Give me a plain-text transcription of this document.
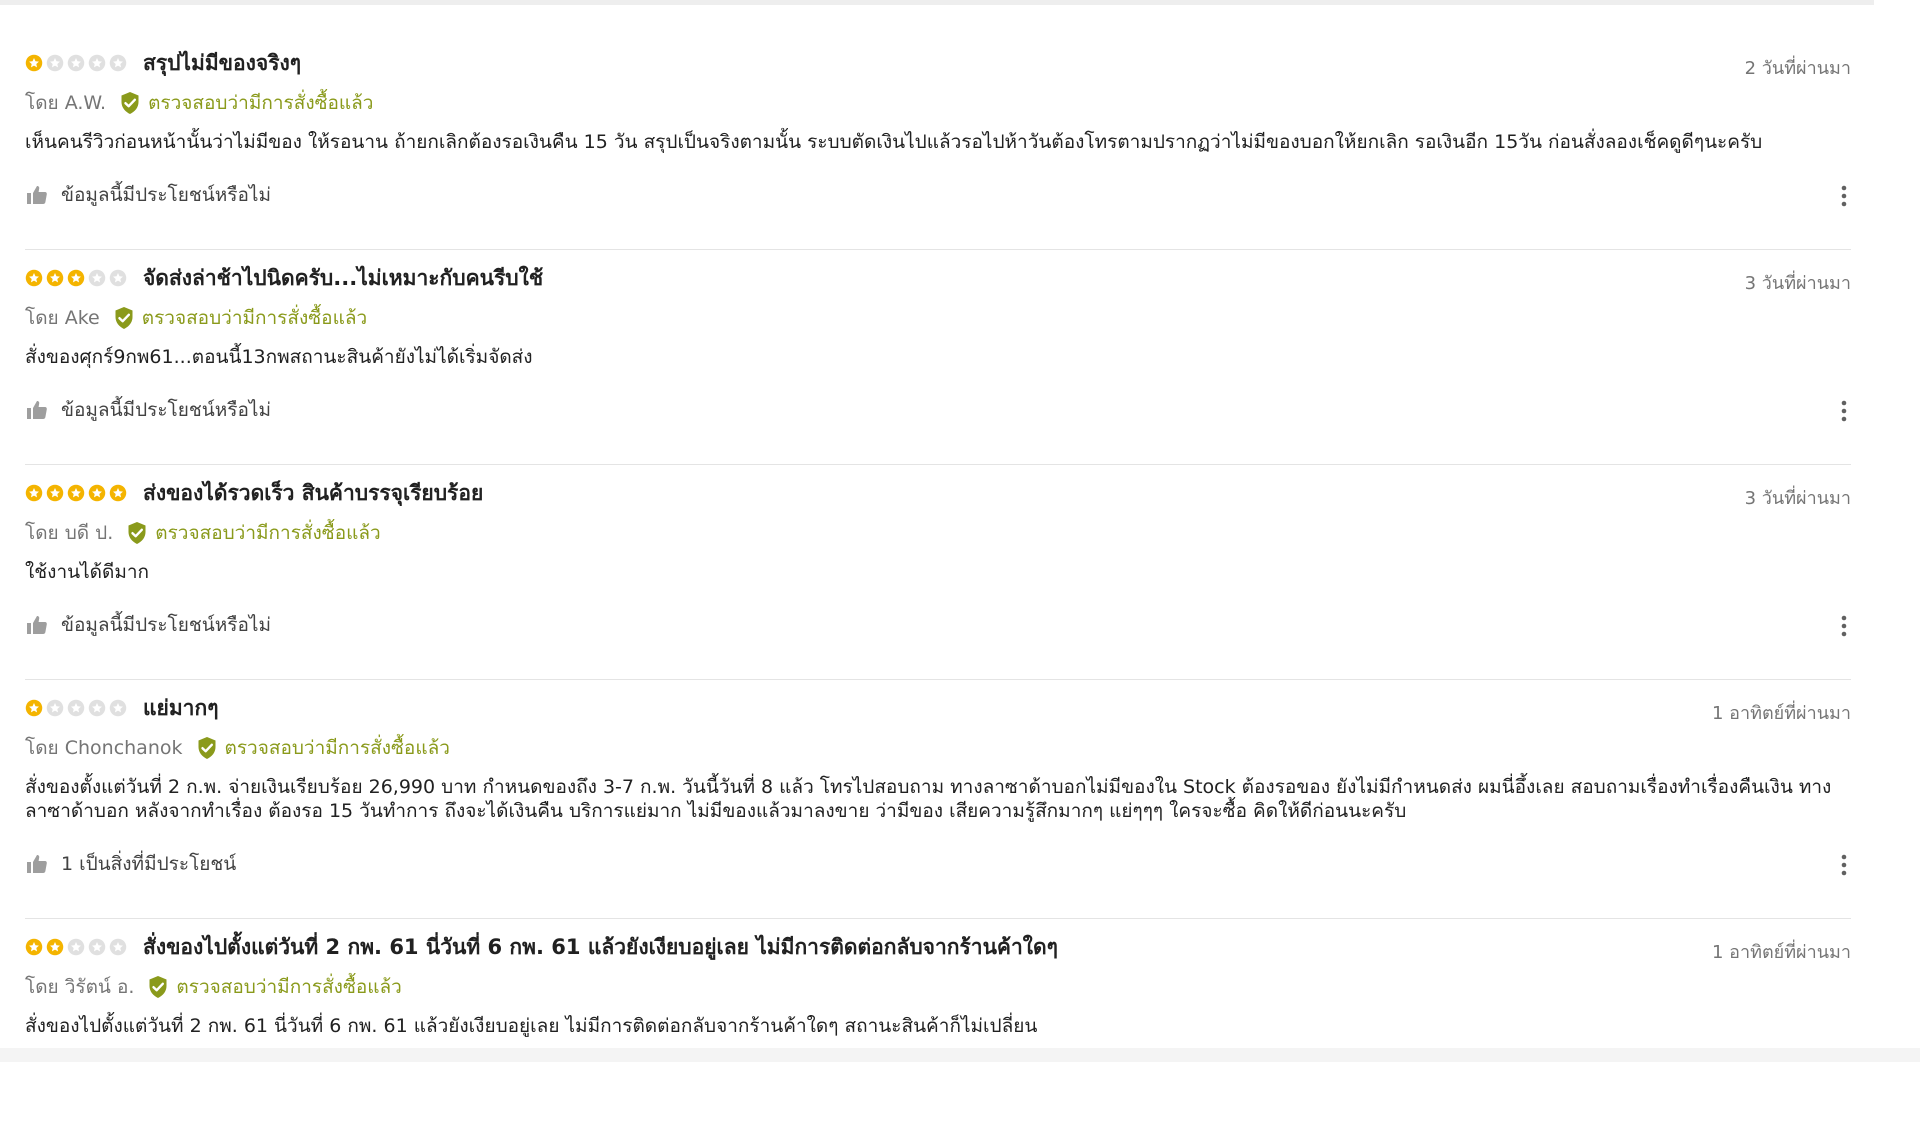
สรุปไม่มีของจริงๆ	2 วันที่ผ่านมา
โดย A.W. ตรวจสอบว่ามีการสั่งซื้อแล้ว
เห็นคนรีวิวก่อนหน้านั้นว่าไม่มีของ ให้รอนาน ถ้ายกเลิกต้องรอเงินคืน 15 วัน สรุปเป็นจริงตามนั้น ระบบตัดเงินไปแล้วรอไปห้าวันต้องโทรตามปรากฏว่าไม่มีของบอกให้ยกเลิก รอเงินอีก 15วัน ก่อนสั่งลองเช็คดูดีๆนะครับ
ข้อมูลนี้มีประโยชน์หรือไม่
จัดส่งล่าช้าไปนิดครับ...ไม่เหมาะกับคนรีบใช้	3 วันที่ผ่านมา
โดย Ake ตรวจสอบว่ามีการสั่งซื้อแล้ว
สั่งของศุกร์9กพ61...ตอนนี้13กพสถานะสินค้ายังไม่ได้เริ่มจัดส่ง
ข้อมูลนี้มีประโยชน์หรือไม่
ส่งของได้รวดเร็ว สินค้าบรรจุเรียบร้อย	3 วันที่ผ่านมา
โดย บดี ป. ตรวจสอบว่ามีการสั่งซื้อแล้ว
ใช้งานได้ดีมาก
ข้อมูลนี้มีประโยชน์หรือไม่
แย่มากๆ	1 อาทิตย์ที่ผ่านมา
โดย Chonchanok ตรวจสอบว่ามีการสั่งซื้อแล้ว
สั่งของตั้งแต่วันที่ 2 ก.พ. จ่ายเงินเรียบร้อย 26,990 บาท กำหนดของถึง 3-7 ก.พ. วันนี้วันที่ 8 แล้ว โทรไปสอบถาม ทางลาซาด้าบอกไม่มีของใน Stock ต้องรอของ ยังไม่มีกำหนดส่ง ผมนี่อึ้งเลย สอบถามเรื่องทำเรื่องคืนเงิน ทางลาซาด้าบอก หลังจากทำเรื่อง ต้องรอ 15 วันทำการ ถึงจะได้เงินคืน บริการแย่มาก ไม่มีของแล้วมาลงขาย ว่ามีของ เสียความรู้สึกมากๆ แย่ๆๆๆ ใครจะซื้อ คิดให้ดีก่อนนะครับ
1 เป็นสิ่งที่มีประโยชน์
สั่งของไปตั้งแต่วันที่ 2 กพ. 61 นี่วันที่ 6 กพ. 61 แล้วยังเงียบอยู่เลย ไม่มีการติดต่อกลับจากร้านค้าใดๆ	1 อาทิตย์ที่ผ่านมา
โดย วิรัตน์ อ. ตรวจสอบว่ามีการสั่งซื้อแล้ว
สั่งของไปตั้งแต่วันที่ 2 กพ. 61 นี่วันที่ 6 กพ. 61 แล้วยังเงียบอยู่เลย ไม่มีการติดต่อกลับจากร้านค้าใดๆ สถานะสินค้าก็ไม่เปลี่ยน
